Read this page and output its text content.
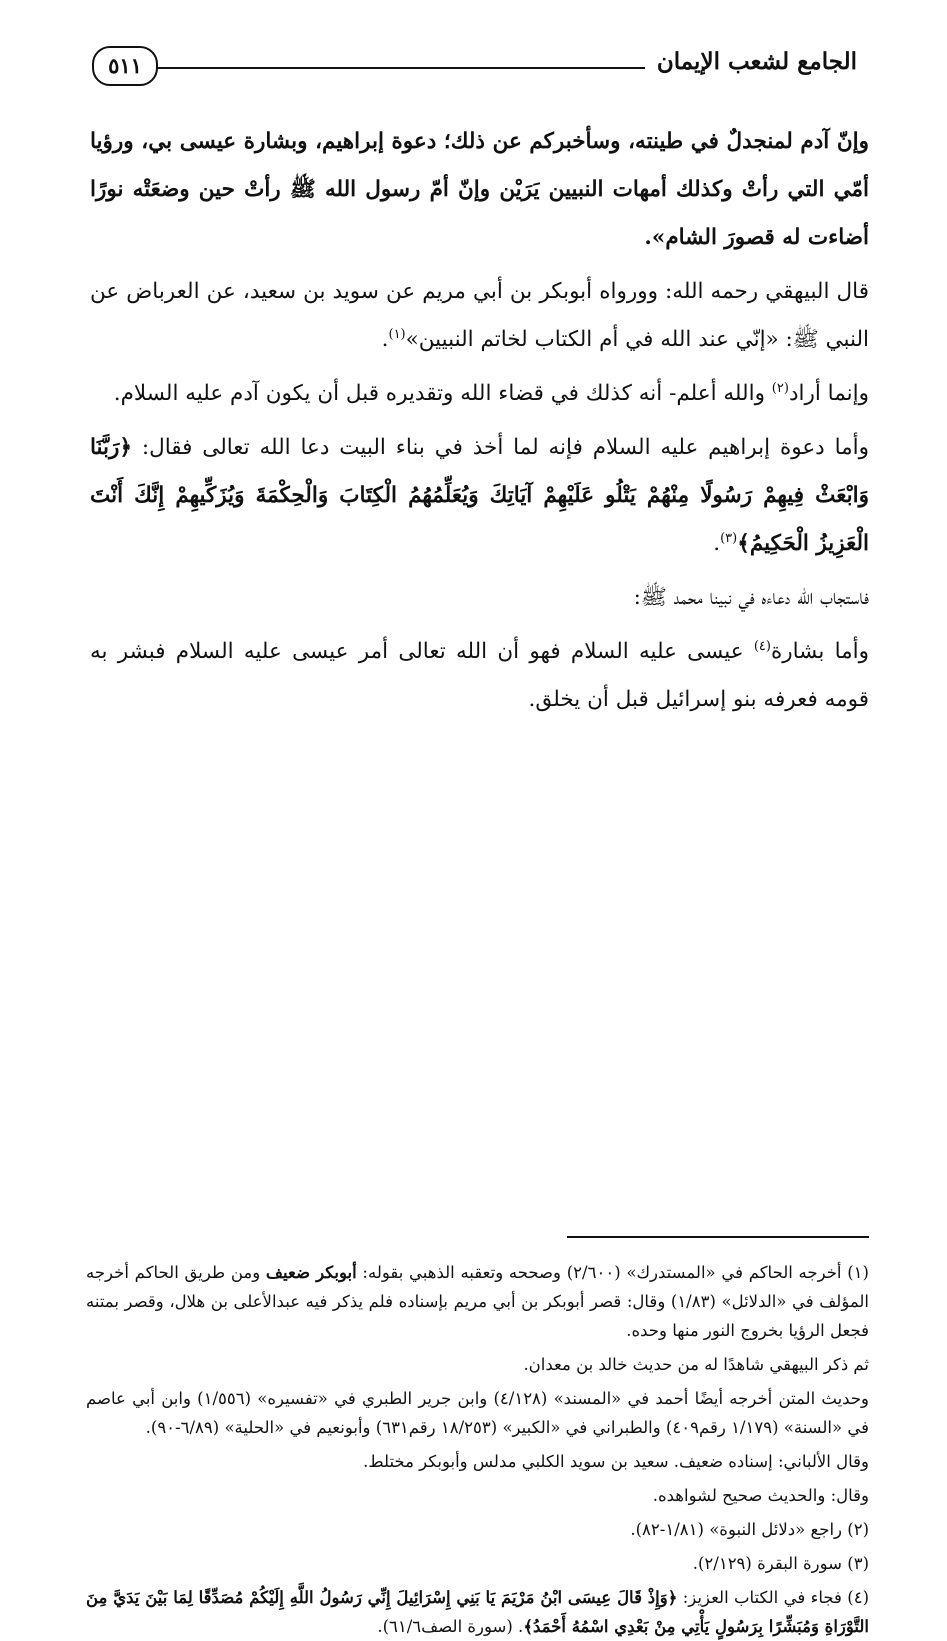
الجامع لشعب الإيمان
٥١١

وإنّ آدم لمنجدلٌ في طينته، وسأخبركم عن ذلك؛ دعوة إبراهيم، وبشارة عيسى بي، ورؤيا أمّي التي رأتْ وكذلك أمهات النبيين يَرَيْن وإنّ أمّ رسول الله ﷺ رأتْ حين وضعَتْه نورًا أضاءت له قصورَ الشام».

قال البيهقي رحمه الله: وورواه أبوبكر بن أبي مريم عن سويد بن سعيد، عن العرباض عن النبي ﷺ: «إنّي عند الله في أم الكتاب لخاتم النبيين»$^{(١)}$.

وإنما أراد$^{(٢)}$ والله أعلم- أنه كذلك في قضاء الله وتقديره قبل أن يكون آدم عليه السلام.

وأما دعوة إبراهيم عليه السلام فإنه لما أخذ في بناء البيت دعا الله تعالى فقال: ﴿رَبَّنَا وَابْعَثْ فِيهِمْ رَسُولًا مِنْهُمْ يَتْلُو عَلَيْهِمْ آيَاتِكَ وَيُعَلِّمُهُمُ الْكِتَابَ وَالْحِكْمَةَ وَيُزَكِّيهِمْ إِنَّكَ أَنْتَ الْعَزِيزُ الْحَكِيمُ﴾$^{(٣)}$.

فاستجاب الله دعاءه في نبينا محمد ﷺ:

وأما بشارة$^{(٤)}$ عيسى عليه السلام فهو أن الله تعالى أمر عيسى عليه السلام فبشر به قومه فعرفه بنو إسرائيل قبل أن يخلق.

(١) أخرجه الحاكم في «المستدرك» (٢/٦٠٠) وصححه وتعقبه الذهبي بقوله: أبوبكر ضعيف ومن طريق الحاكم أخرجه المؤلف في «الدلائل» (١/٨٣) وقال: قصر أبوبكر بن أبي مريم بإسناده فلم يذكر فيه عبدالأعلى بن هلال، وقصر بمتنه فجعل الرؤيا بخروج النور منها وحده.

ثم ذكر البيهقي شاهدًا له من حديث خالد بن معدان.

وحديث المتن أخرجه أيضًا أحمد في «المسند» (٤/١٢٨) وابن جرير الطبري في «تفسيره» (١/٥٥٦) وابن أبي عاصم في «السنة» (١/١٧٩ رقم٤٠٩) والطبراني في «الكبير» (١٨/٢٥٣ رقم٦٣١) وأبونعيم في «الحلية» (٦/٨٩-٩٠).

وقال الألباني: إسناده ضعيف. سعيد بن سويد الكلبي مدلس وأبوبكر مختلط.

وقال: والحديث صحيح لشواهده.

(٢) راجع «دلائل النبوة» (١/٨١-٨٢).

(٣) سورة البقرة (٢/١٢٩).

(٤) فجاء في الكتاب العزيز: ﴿وَإِذْ قَالَ عِيسَى ابْنُ مَرْيَمَ يَا بَنِي إِسْرَائِيلَ إِنِّي رَسُولُ اللَّهِ إِلَيْكُمْ مُصَدِّقًا لِمَا بَيْنَ يَدَيَّ مِنَ التَّوْرَاةِ وَمُبَشِّرًا بِرَسُولٍ يَأْتِي مِنْ بَعْدِي اسْمُهُ أَحْمَدُ﴾. (سورة الصف٦١/٦).
